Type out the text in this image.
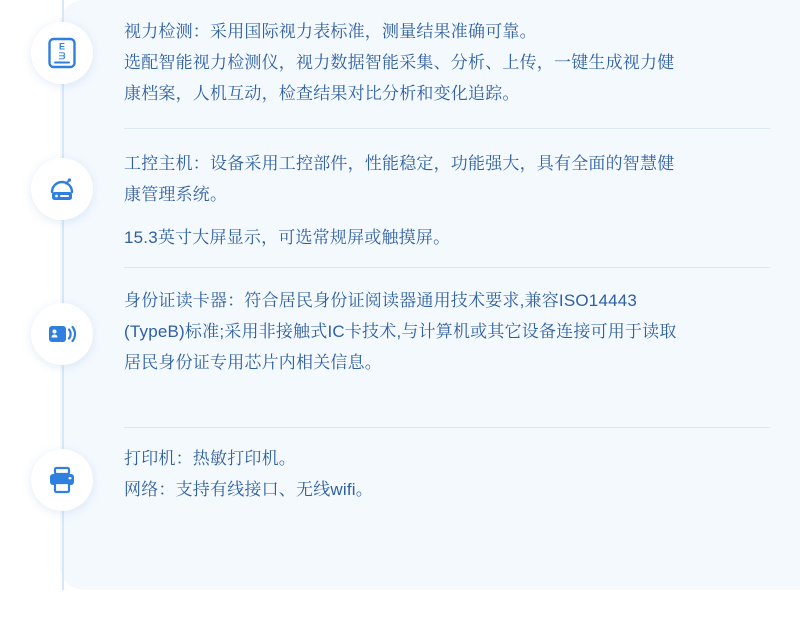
E
ᗱ
视力检测：采用国际视力表标准，测量结果准确可靠。
选配智能视力检测仪，视力数据智能采集、分析、上传，一键生成视力健
康档案，人机互动，检查结果对比分析和变化追踪。
工控主机：设备采用工控部件，性能稳定，功能强大，具有全面的智慧健
康管理系统。
15.3英寸大屏显示，可选常规屏或触摸屏。
身份证读卡器：符合居民身份证阅读器通用技术要求,兼容ISO14443
(TypeB)标准;采用非接触式IC卡技术,与计算机或其它设备连接可用于读取
居民身份证专用芯片内相关信息。
打印机：热敏打印机。
网络：支持有线接口、无线wifi。
